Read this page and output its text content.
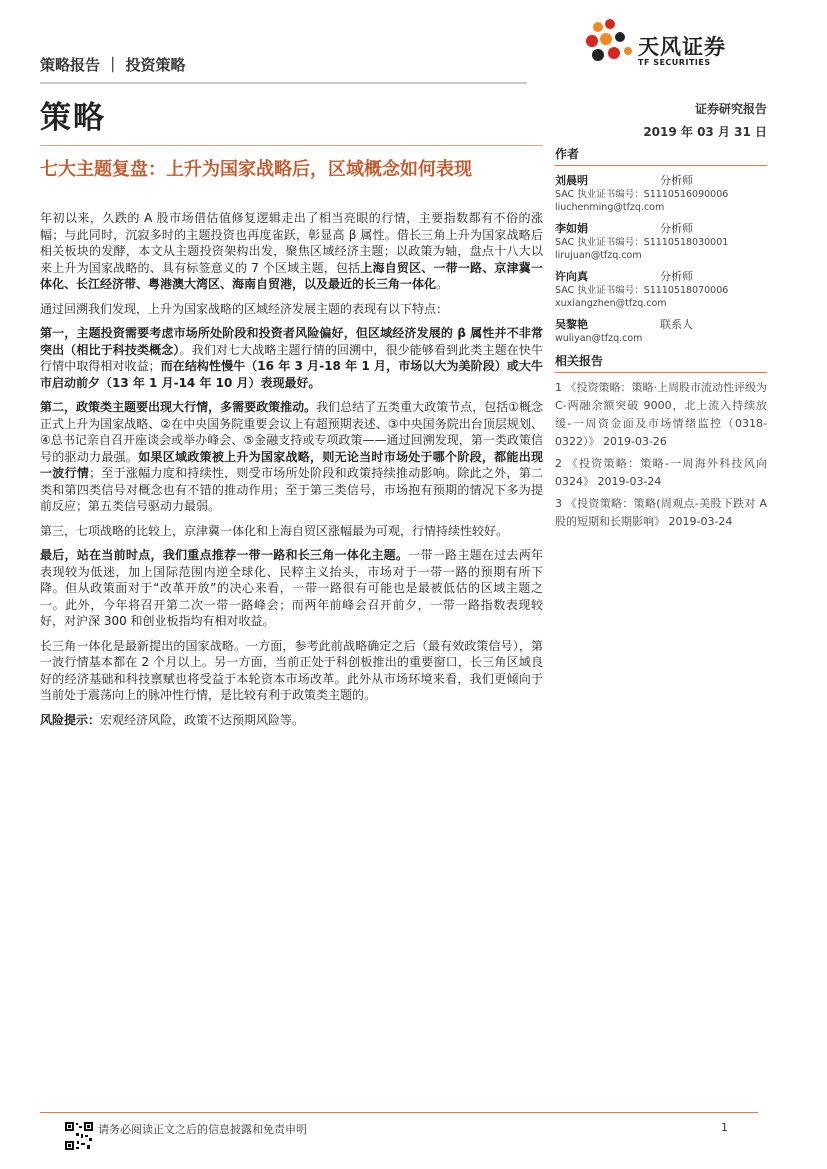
策略报告 ｜ 投资策略
天风证券
TF SECURITIES
策略	证券研究报告
2019 年 03 月 31 日
七大主题复盘：上升为国家战略后，区域概念如何表现

年初以来，久跌的 A 股市场借估值修复逻辑走出了相当亮眼的行情，主要指数都有不俗的涨幅；与此同时，沉寂多时的主题投资也再度雀跃，彰显高 β 属性。借长三角上升为国家战略后相关板块的发酵，本文从主题投资架构出发，聚焦区域经济主题；以政策为轴，盘点十八大以来上升为国家战略的、具有标签意义的 7 个区域主题，包括上海自贸区、一带一路、京津冀一体化、长江经济带、粤港澳大湾区、海南自贸港，以及最近的长三角一体化。

通过回溯我们发现，上升为国家战略的区域经济发展主题的表现有以下特点：

第一，主题投资需要考虑市场所处阶段和投资者风险偏好，但区域经济发展的 β 属性并不非常突出（相比于科技类概念）。我们对七大战略主题行情的回溯中，很少能够看到此类主题在快牛行情中取得相对收益；而在结构性慢牛（16 年 3 月-18 年 1 月，市场以大为美阶段）或大牛市启动前夕（13 年 1 月-14 年 10 月）表现最好。

第二，政策类主题要出现大行情，多需要政策推动。我们总结了五类重大政策节点，包括①概念正式上升为国家战略、②在中央国务院重要会议上有超预期表述、③中央国务院出台顶层规划、④总书记亲自召开座谈会或举办峰会、⑤金融支持或专项政策——通过回溯发现，第一类政策信号的驱动力最强。如果区域政策被上升为国家战略，则无论当时市场处于哪个阶段，都能出现一波行情；至于涨幅力度和持续性，则受市场所处阶段和政策持续推动影响。除此之外，第二类和第四类信号对概念也有不错的推动作用；至于第三类信号，市场抱有预期的情况下多为提前反应；第五类信号驱动力最弱。

第三，七项战略的比较上，京津冀一体化和上海自贸区涨幅最为可观，行情持续性较好。

最后，站在当前时点，我们重点推荐一带一路和长三角一体化主题。一带一路主题在过去两年表现较为低迷，加上国际范围内逆全球化、民粹主义抬头，市场对于一带一路的预期有所下降。但从政策面对于“改革开放”的决心来看，一带一路很有可能也是最被低估的区域主题之一。此外，今年将召开第二次一带一路峰会；而两年前峰会召开前夕，一带一路指数表现较好，对沪深 300 和创业板指均有相对收益。

长三角一体化是最新提出的国家战略。一方面，参考此前战略确定之后（最有效政策信号），第一波行情基本都在 2 个月以上。另一方面，当前正处于科创板推出的重要窗口，长三角区域良好的经济基础和科技禀赋也将受益于本轮资本市场改革。此外从市场环境来看，我们更倾向于当前处于震荡向上的脉冲性行情，是比较有利于政策类主题的。

风险提示：宏观经济风险，政策不达预期风险等。

作者
刘晨明	分析师
SAC 执业证书编号：S1110516090006
liuchenming@tfzq.com
李如娟	分析师
SAC 执业证书编号：S1110518030001
lirujuan@tfzq.com
许向真	分析师
SAC 执业证书编号：S1110518070006
xuxiangzhen@tfzq.com
吴黎艳	联系人
wuliyan@tfzq.com
相关报告
1 《投资策略：策略·上周股市流动性评级为 C-两融余额突破 9000，北上流入持续放缓-一周资金面及市场情绪监控（0318-0322）》 2019-03-26
2 《投资策略：策略-一周海外科技风向 0324》 2019-03-24
3 《投资策略：策略(周观点-美股下跌对 A 股的短期和长期影响》 2019-03-24
请务必阅读正文之后的信息披露和免责申明	1
